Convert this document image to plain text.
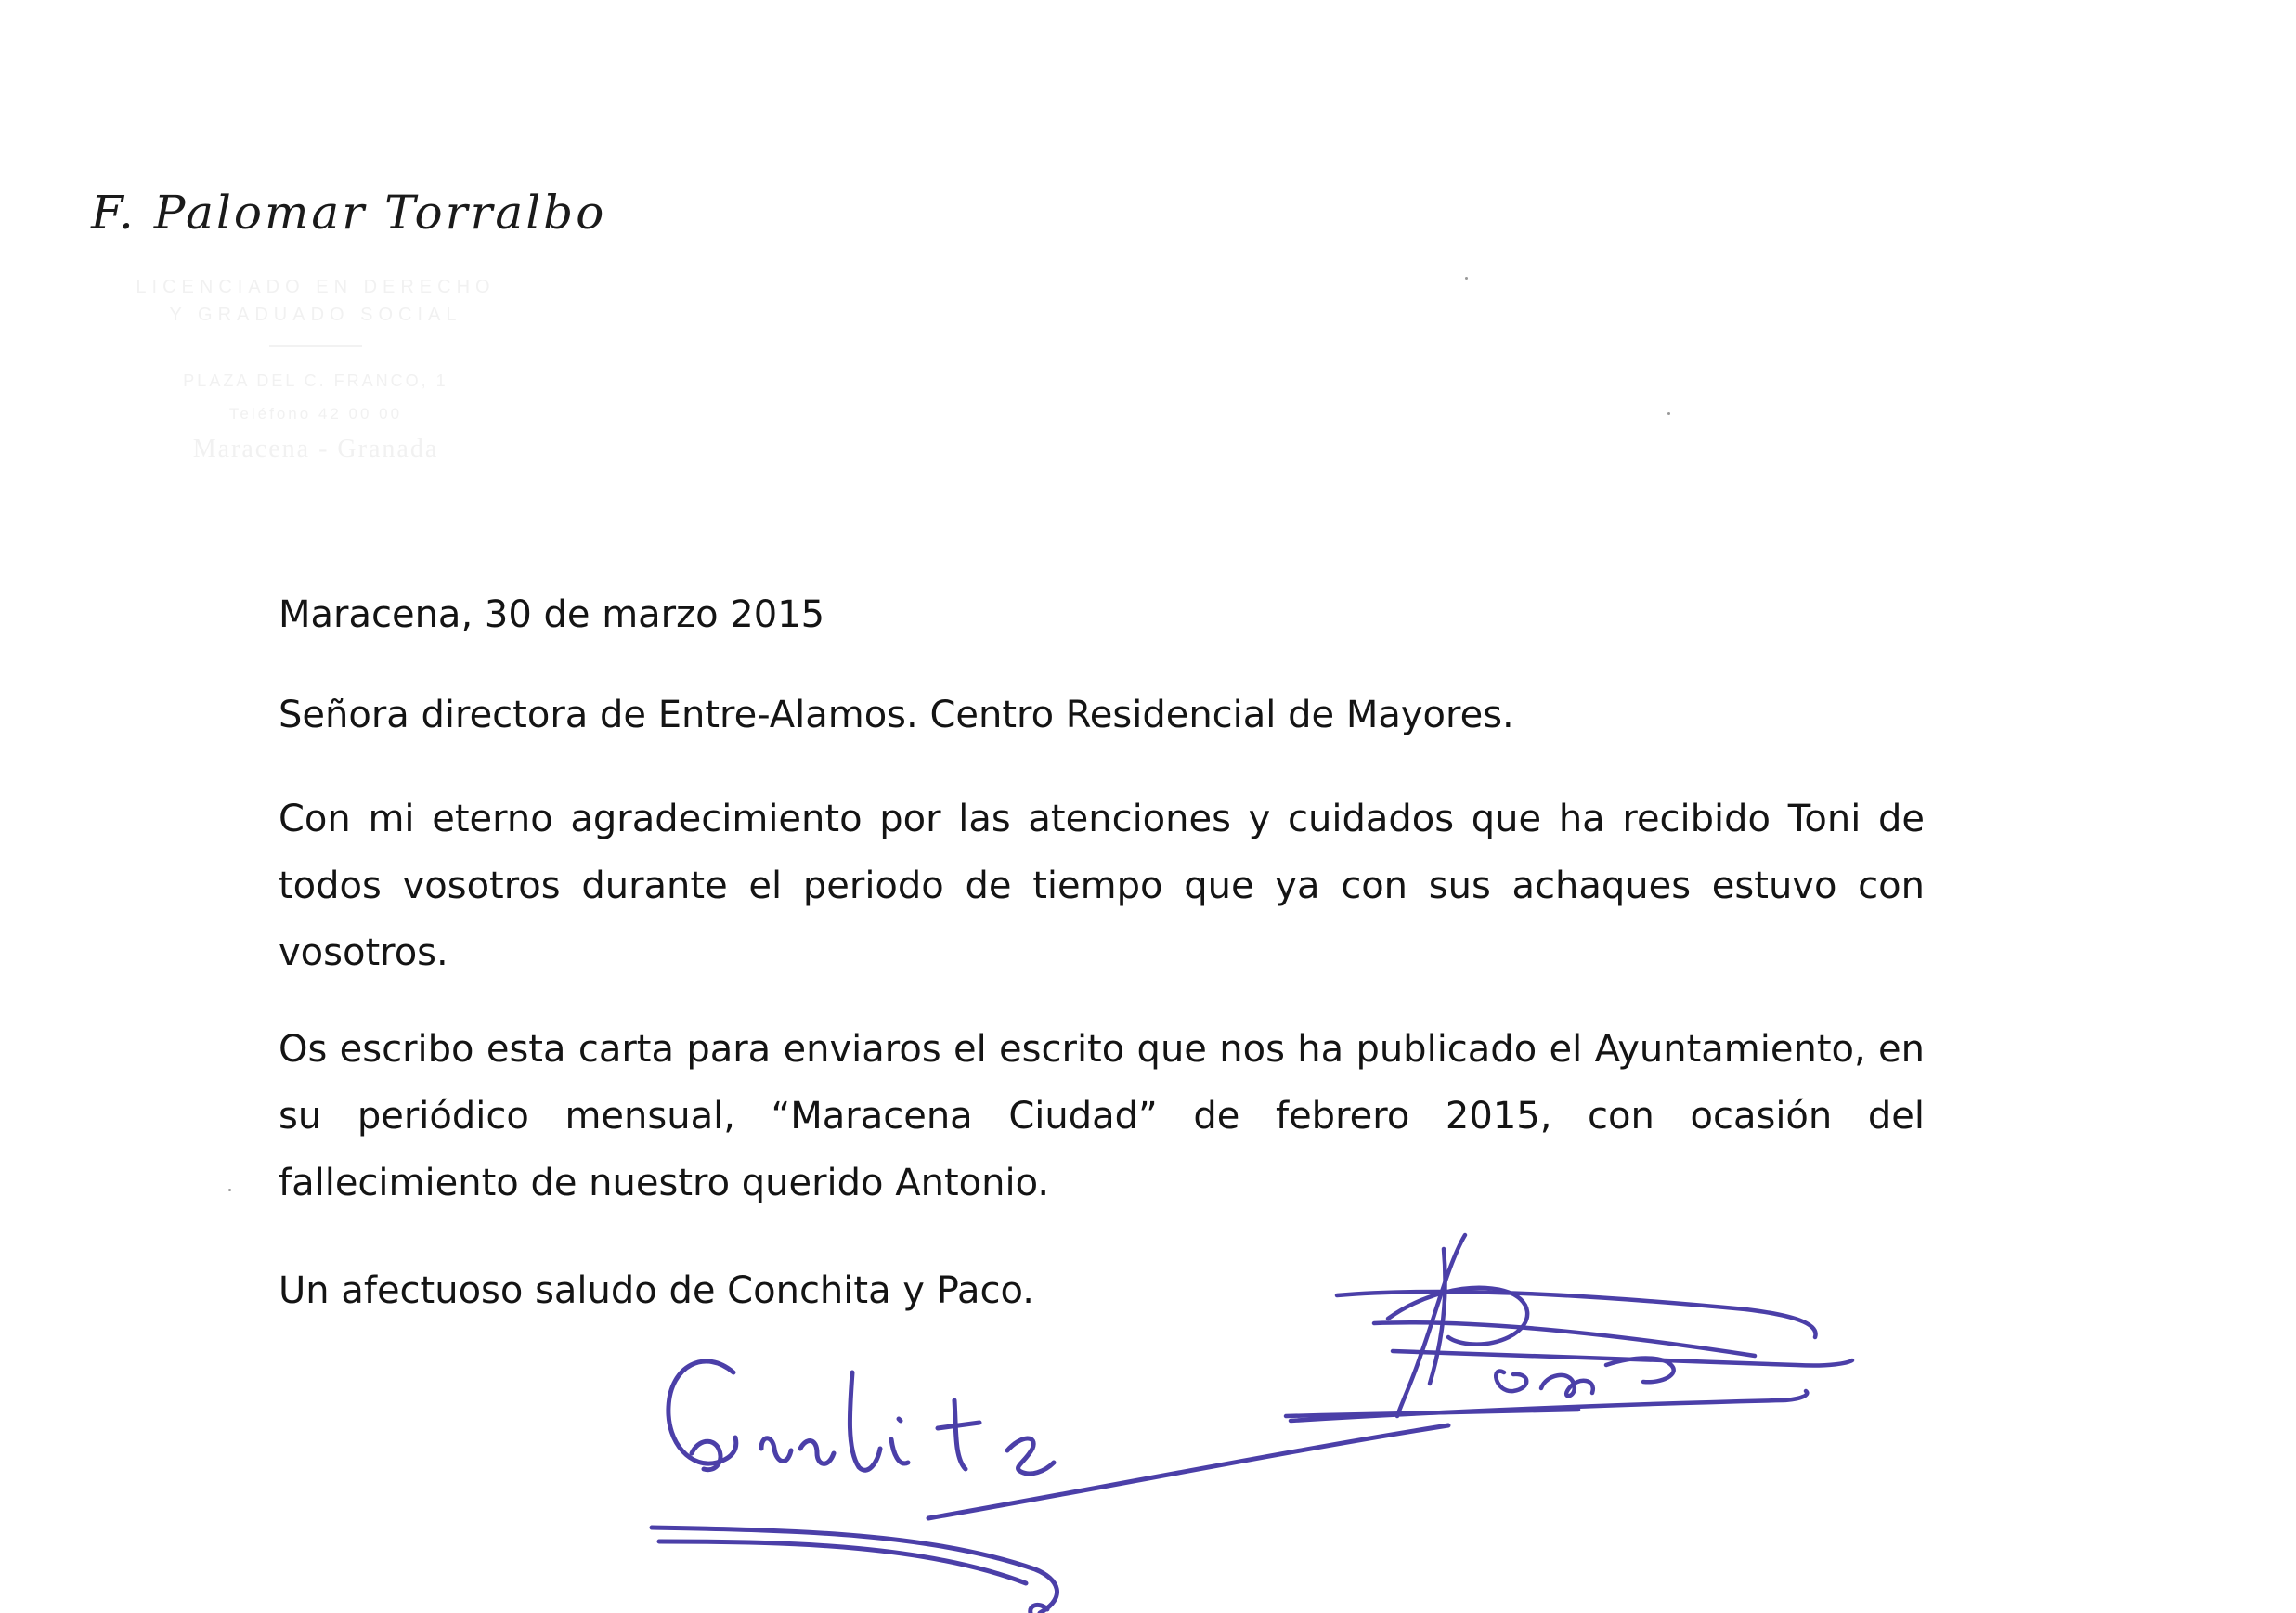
F. Palomar Torralbo
LICENCIADO EN DERECHO
Y GRADUADO SOCIAL
PLAZA DEL C. FRANCO, 1
Teléfono 42 00 00
Maracena - Granada
Maracena, 30 de marzo 2015
Señora directora de Entre-Alamos. Centro Residencial de Mayores.
Con mi eterno agradecimiento por las atenciones y cuidados que ha recibido Toni de todos vosotros durante el periodo de tiempo que ya con sus achaques estuvo con vosotros.
Os escribo esta carta para enviaros el escrito que nos ha publicado el Ayuntamiento, en su periódico mensual, “Maracena Ciudad” de febrero 2015, con ocasión del fallecimiento de nuestro querido Antonio.
Un afectuoso saludo de Conchita y Paco.
